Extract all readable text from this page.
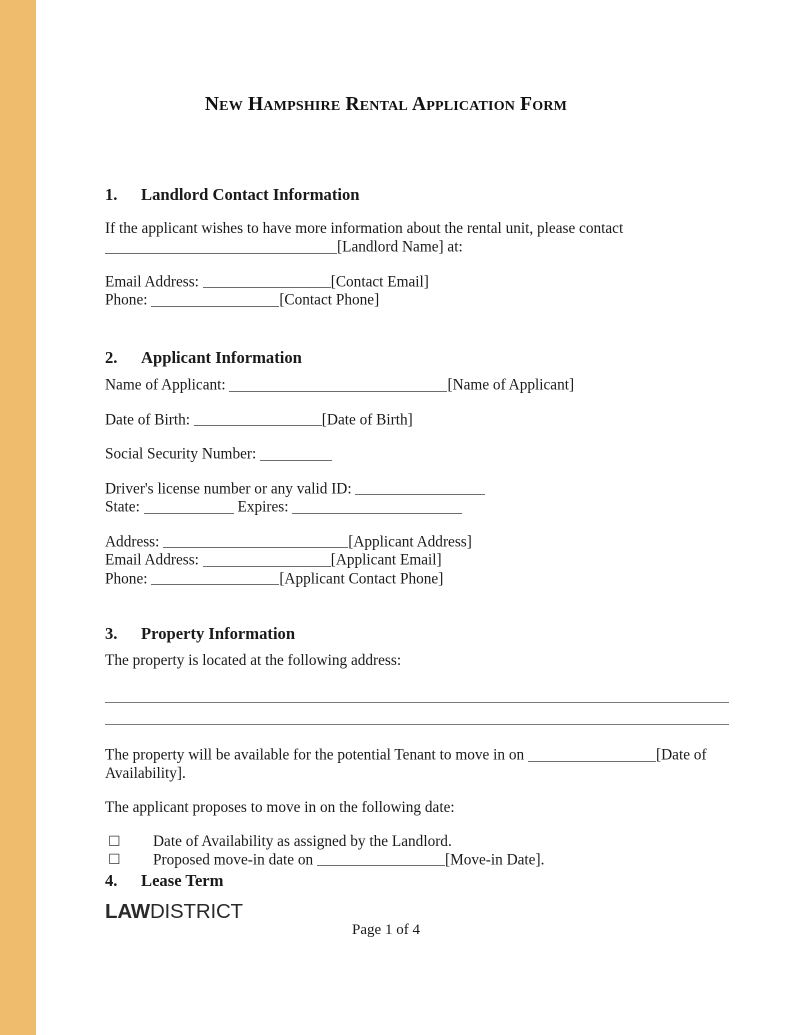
New Hampshire Rental Application Form
1.	Landlord Contact Information

If the applicant wishes to have more information about the rental unit, please contact

[Landlord Name] at:

Email Address:	[Contact Email]

Phone:	[Contact Phone]

2.	Applicant Information

Name of Applicant:	[Name of Applicant]

Date of Birth:	[Date of Birth]

Social Security Number:

Driver's license number or any valid ID:

State:	Expires:

Address:	[Applicant Address]

Email Address:	[Applicant Email]

Phone:	[Applicant Contact Phone]

3.	Property Information

The property is located at the following address:

The property will be available for the potential Tenant to move in on	[Date of Availability].

The applicant proposes to move in on the following date:

☐	Date of Availability as assigned by the Landlord.
☐	Proposed move-in date on	[Move-in Date].
4.	Lease Term
LAWDISTRICT
Page 1 of 4
